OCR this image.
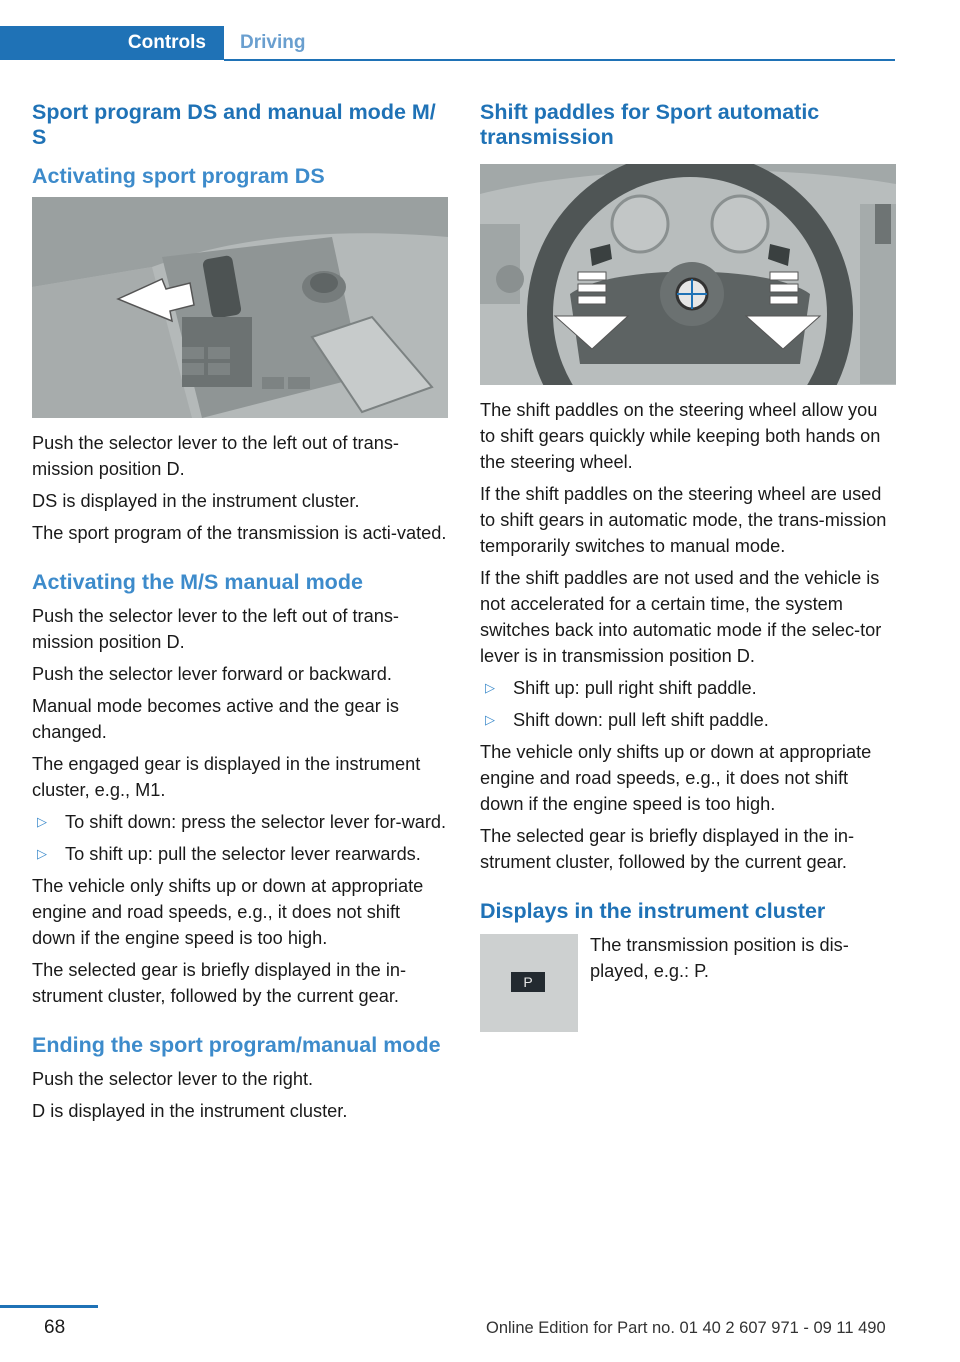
Controls	Driving
Sport program DS and manual mode M/ S
Activating sport program DS

Push the selector lever to the left out of trans-mission position D.

DS is displayed in the instrument cluster.

The sport program of the transmission is acti-vated.

Activating the M/S manual mode

Push the selector lever to the left out of trans-mission position D.

Push the selector lever forward or backward.

Manual mode becomes active and the gear is changed.

The engaged gear is displayed in the instrument cluster, e.g., M1.

▷ To shift down: press the selector lever for-ward.
▷ To shift up: pull the selector lever rearwards.

The vehicle only shifts up or down at appropriate engine and road speeds, e.g., it does not shift down if the engine speed is too high.

The selected gear is briefly displayed in the in-strument cluster, followed by the current gear.

Ending the sport program/manual mode

Push the selector lever to the right.

D is displayed in the instrument cluster.

Shift paddles for Sport automatic transmission

The shift paddles on the steering wheel allow you to shift gears quickly while keeping both hands on the steering wheel.

If the shift paddles on the steering wheel are used to shift gears in automatic mode, the trans-mission temporarily switches to manual mode.

If the shift paddles are not used and the vehicle is not accelerated for a certain time, the system switches back into automatic mode if the selec-tor lever is in transmission position D.

▷ Shift up: pull right shift paddle.
▷ Shift down: pull left shift paddle.

The vehicle only shifts up or down at appropriate engine and road speeds, e.g., it does not shift down if the engine speed is too high.

The selected gear is briefly displayed in the in-strument cluster, followed by the current gear.

Displays in the instrument cluster
P

The transmission position is dis-played, e.g.: P.

68	Online Edition for Part no. 01 40 2 607 971 - 09 11 490
